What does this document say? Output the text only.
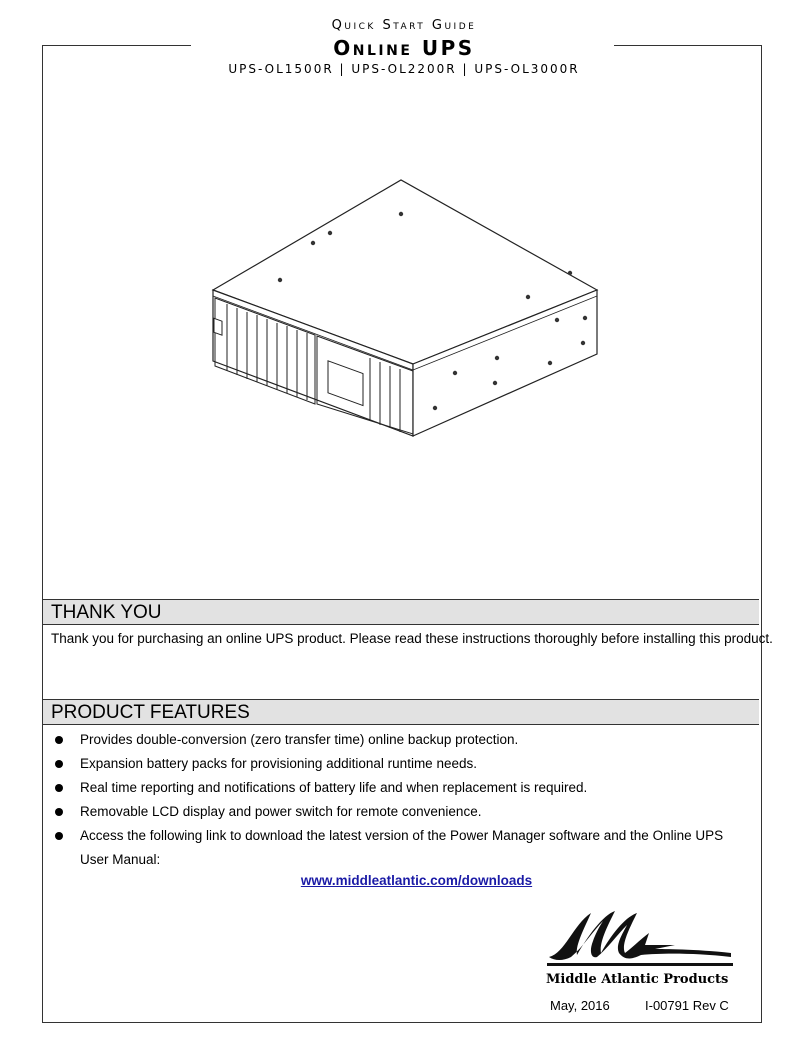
Quick Start Guide
Online UPS
UPS-OL1500R | UPS-OL2200R | UPS-OL3000R
THANK YOU
Thank you for purchasing an online UPS product. Please read these instructions thoroughly before installing this product.
PRODUCT FEATURES
Provides double-conversion (zero transfer time) online backup protection.
Expansion battery packs for provisioning additional runtime needs.
Real time reporting and notifications of battery life and when replacement is required.
Removable LCD display and power switch for remote convenience.
Access the following link to download the latest version of the Power Manager software and the Online UPS User Manual:
www.middleatlantic.com/downloads
Middle Atlantic Products
May, 2016	I-00791 Rev C
